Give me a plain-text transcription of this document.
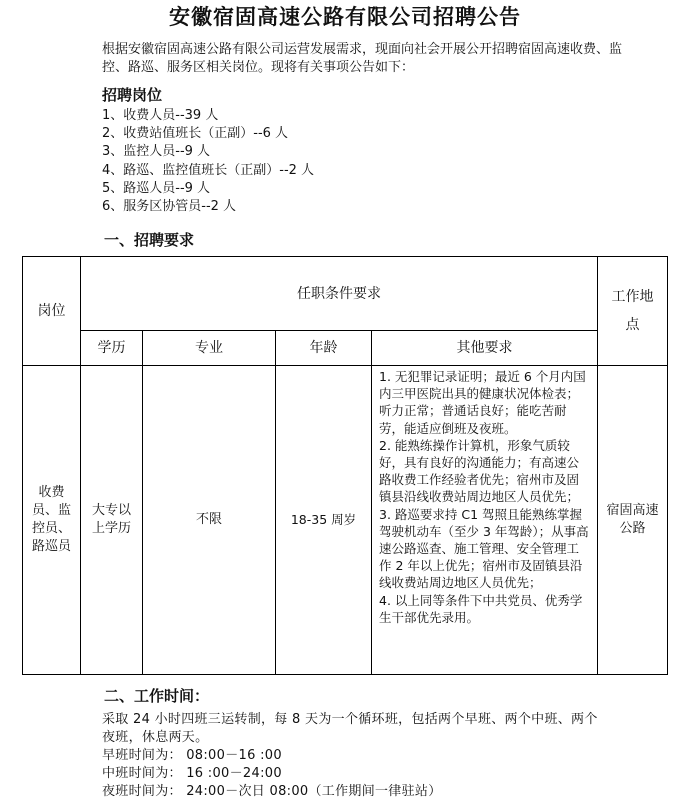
安徽宿固高速公路有限公司招聘公告
根据安徽宿固高速公路有限公司运营发展需求，现面向社会开展公开招聘宿固高速收费、监控、路巡、服务区相关岗位。现将有关事项公告如下：
招聘岗位
1、收费人员--39 人
2、收费站值班长（正副）--6 人
3、监控人员--9 人
4、路巡、监控值班长（正副）--2 人
5、路巡人员--9 人
6、服务区协管员--2 人
一、招聘要求
岗位	任职条件要求				工作地点
	学历	专业	年龄	其他要求	
收费员、监控员、路巡员	大专以上学历	不限	18-35 周岁	1. 无犯罪记录证明；最近 6 个月内国内三甲医院出具的健康状况体检表；听力正常；普通话良好；能吃苦耐劳，能适应倒班及夜班。
2. 能熟练操作计算机，形象气质较好，具有良好的沟通能力；有高速公路收费工作经验者优先；宿州市及固镇县沿线收费站周边地区人员优先；
3. 路巡要求持 C1 驾照且能熟练掌握驾驶机动车（至少 3 年驾龄）；从事高速公路巡查、施工管理、安全管理工作 2 年以上优先；宿州市及固镇县沿线收费站周边地区人员优先；
4. 以上同等条件下中共党员、优秀学生干部优先录用。	宿固高速公路
二、工作时间：
采取 24 小时四班三运转制，每 8 天为一个循环班，包括两个早班、两个中班、两个夜班，休息两天。
早班时间为： 08:00－16 :00
中班时间为： 16 :00－24:00
夜班时间为： 24:00－次日 08:00（工作期间一律驻站）
